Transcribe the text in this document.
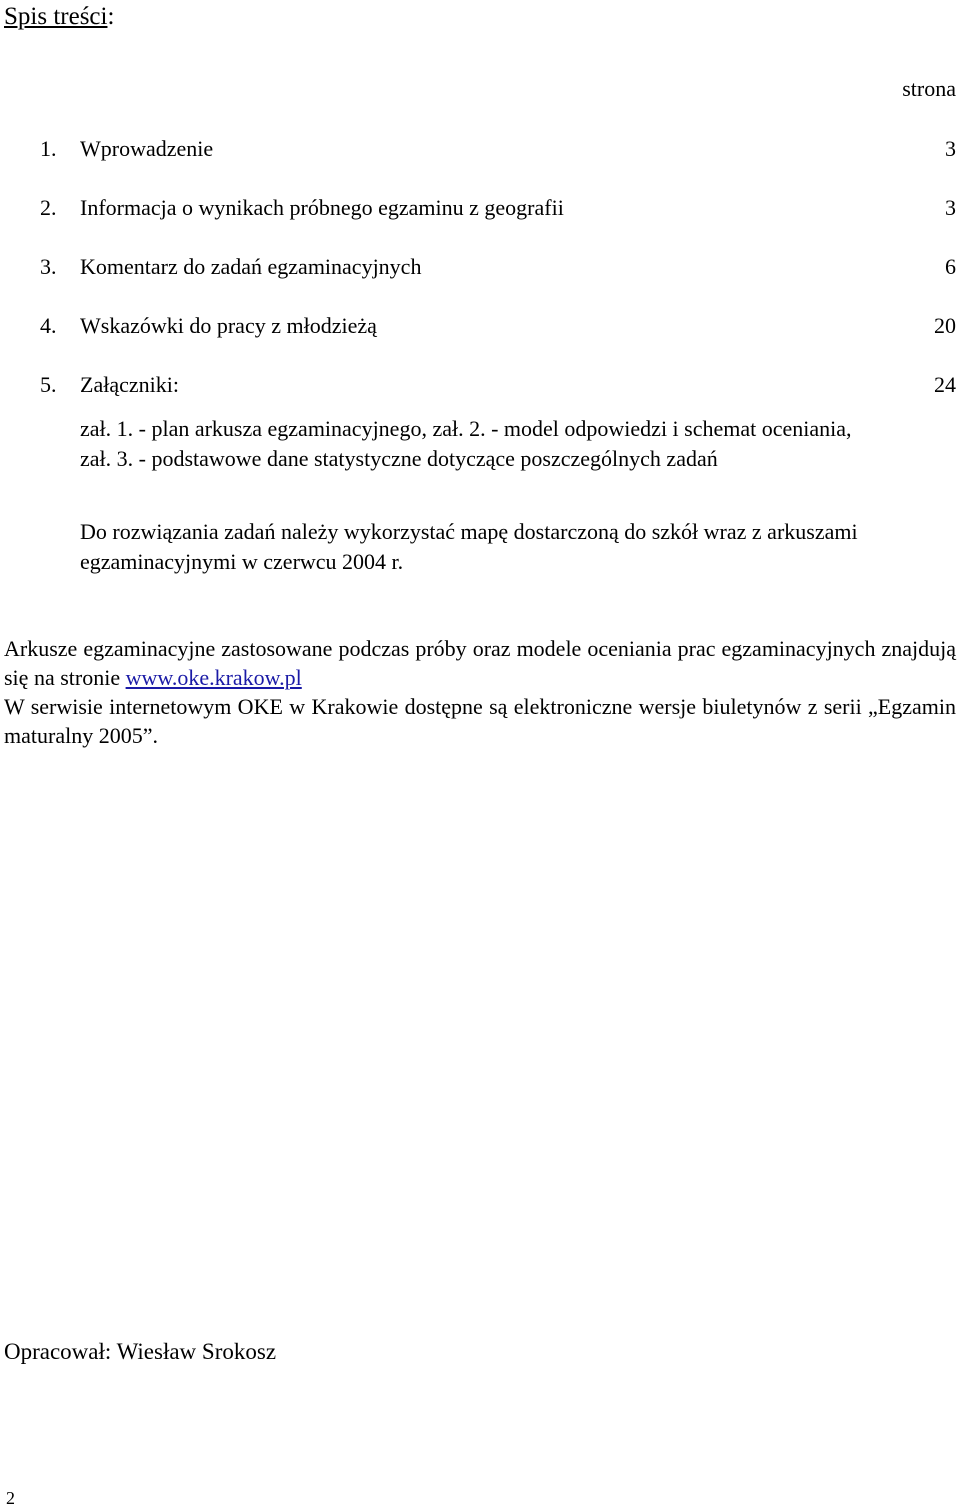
Spis treści:
strona
1. Wprowadzenie	3
2. Informacja o wynikach próbnego egzaminu z geografii	3
3. Komentarz do zadań egzaminacyjnych	6
4. Wskazówki do pracy z młodzieżą	20
5. Załączniki:	24
zał. 1. - plan arkusza egzaminacyjnego, zał. 2. - model odpowiedzi i schemat oceniania, zał. 3. - podstawowe dane statystyczne dotyczące poszczególnych zadań
Do rozwiązania zadań należy wykorzystać mapę dostarczoną do szkół wraz z arkuszami egzaminacyjnymi w czerwcu 2004 r.
Arkusze egzaminacyjne zastosowane podczas próby oraz modele oceniania prac egzaminacyjnych znajdują się na stronie www.oke.krakow.pl
W serwisie internetowym OKE w Krakowie dostępne są elektroniczne wersje biuletynów z serii „Egzamin maturalny 2005”.
Opracował: Wiesław Srokosz
2
